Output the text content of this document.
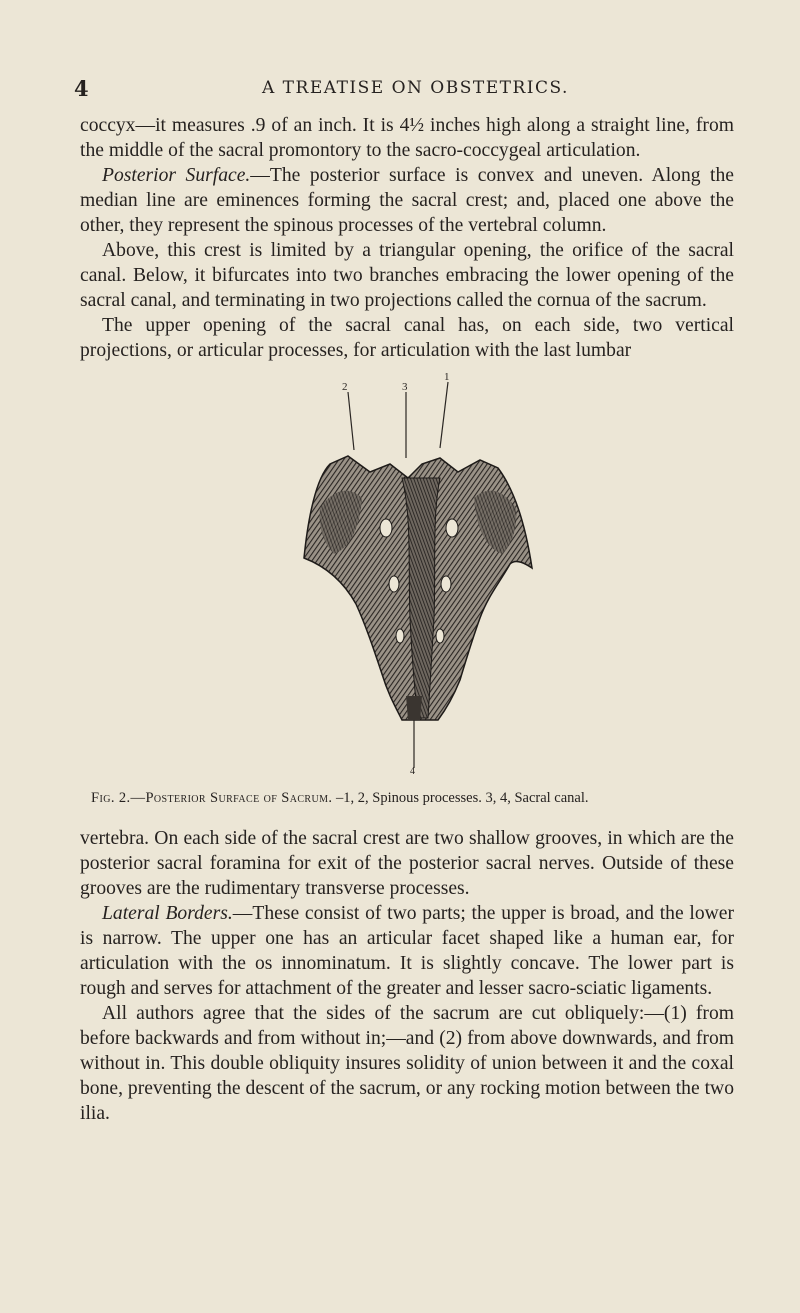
4	A TREATISE ON OBSTETRICS.

coccyx—it measures .9 of an inch. It is 4½ inches high along a straight line, from the middle of the sacral promontory to the sacro-coccygeal articulation.

Posterior Surface.—The posterior surface is convex and uneven. Along the median line are eminences forming the sacral crest; and, placed one above the other, they represent the spinous processes of the vertebral column.

Above, this crest is limited by a triangular opening, the orifice of the sacral canal. Below, it bifurcates into two branches embracing the lower opening of the sacral canal, and terminating in two projections called the cornua of the sacrum.

The upper opening of the sacral canal has, on each side, two vertical projections, or articular processes, for articulation with the last lumbar

2	3
1
4
Fig. 2.—Posterior Surface of Sacrum. –1, 2, Spinous processes. 3, 4, Sacral canal.

vertebra. On each side of the sacral crest are two shallow grooves, in which are the posterior sacral foramina for exit of the posterior sacral nerves. Outside of these grooves are the rudimentary transverse processes.

Lateral Borders.—These consist of two parts; the upper is broad, and the lower is narrow. The upper one has an articular facet shaped like a human ear, for articulation with the os innominatum. It is slightly concave. The lower part is rough and serves for attachment of the greater and lesser sacro-sciatic ligaments.

All authors agree that the sides of the sacrum are cut obliquely:—(1) from before backwards and from without in;—and (2) from above downwards, and from without in. This double obliquity insures solidity of union between it and the coxal bone, preventing the descent of the sacrum, or any rocking motion between the two ilia.
